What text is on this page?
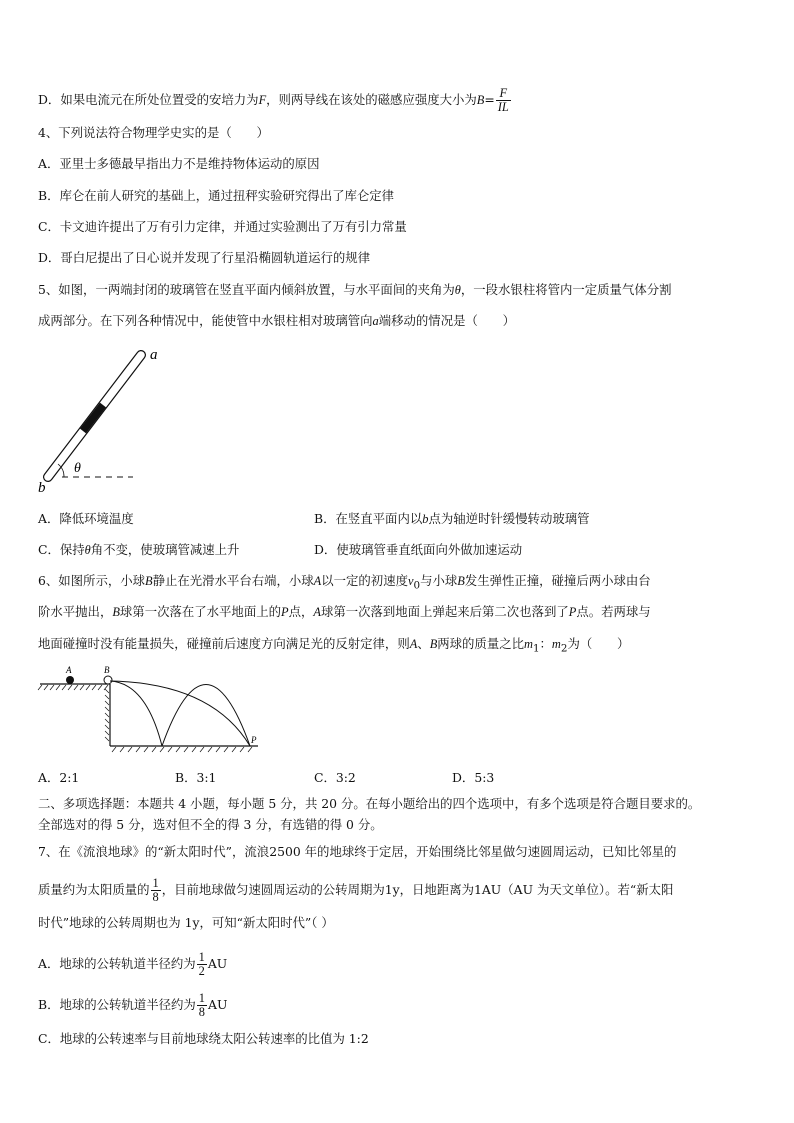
D．如果电流元在所处位置受的安培力为F，则两导线在该处的磁感应强度大小为$B= \frac{F}{IL}$
4、下列说法符合物理学史实的是（　　）
A．亚里士多德最早指出力不是维持物体运动的原因
B．库仑在前人研究的基础上，通过扭秤实验研究得出了库仑定律
C．卡文迪许提出了万有引力定律，并通过实验测出了万有引力常量
D．哥白尼提出了日心说并发现了行星沿椭圆轨道运行的规律
5、如图，一两端封闭的玻璃管在竖直平面内倾斜放置，与水平面间的夹角为θ，一段水银柱将管内一定质量气体分割
成两部分。在下列各种情况中，能使管中水银柱相对玻璃管向a端移动的情况是（　　）
a
b
θ
A．降低环境温度	B．在竖直平面内以b点为轴逆时针缓慢转动玻璃管
C．保持θ角不变，使玻璃管减速上升	D．使玻璃管垂直纸面向外做加速运动
6、如图所示，小球B静止在光滑水平台右端，小球A以一定的初速度$v_0$与小球B发生弹性正撞，碰撞后两小球由台
阶水平抛出，B球第一次落在了水平地面上的P点，A球第一次落到地面上弹起来后第二次也落到了P点。若两球与
地面碰撞时没有能量损失，碰撞前后速度方向满足光的反射定律，则A、B两球的质量之比$m_1$：$m_2$为（　　）
A	B
P
A．2:1	B．3:1	C．3:2	D．5:3
二、多项选择题：本题共 4 小题，每小题 5 分，共 20 分。在每小题给出的四个选项中，有多个选项是符合题目要求的。
全部选对的得 5 分，选对但不全的得 3 分，有选错的得 0 分。
7、在《流浪地球》的“新太阳时代”，流浪2500 年的地球终于定居，开始围绕比邻星做匀速圆周运动，已知比邻星的
质量约为太阳质量的 $\frac{1}{8}$ ，目前地球做匀速圆周运动的公转周期为1y，日地距离为1AU（AU 为天文单位）。若“新太阳
时代”地球的公转周期也为 1y，可知“新太阳时代”（ ）
A．地球的公转轨道半径约为 $\frac{1}{2}$ AU
B．地球的公转轨道半径约为 $\frac{1}{8}$ AU
C．地球的公转速率与目前地球绕太阳公转速率的比值为 1:2
